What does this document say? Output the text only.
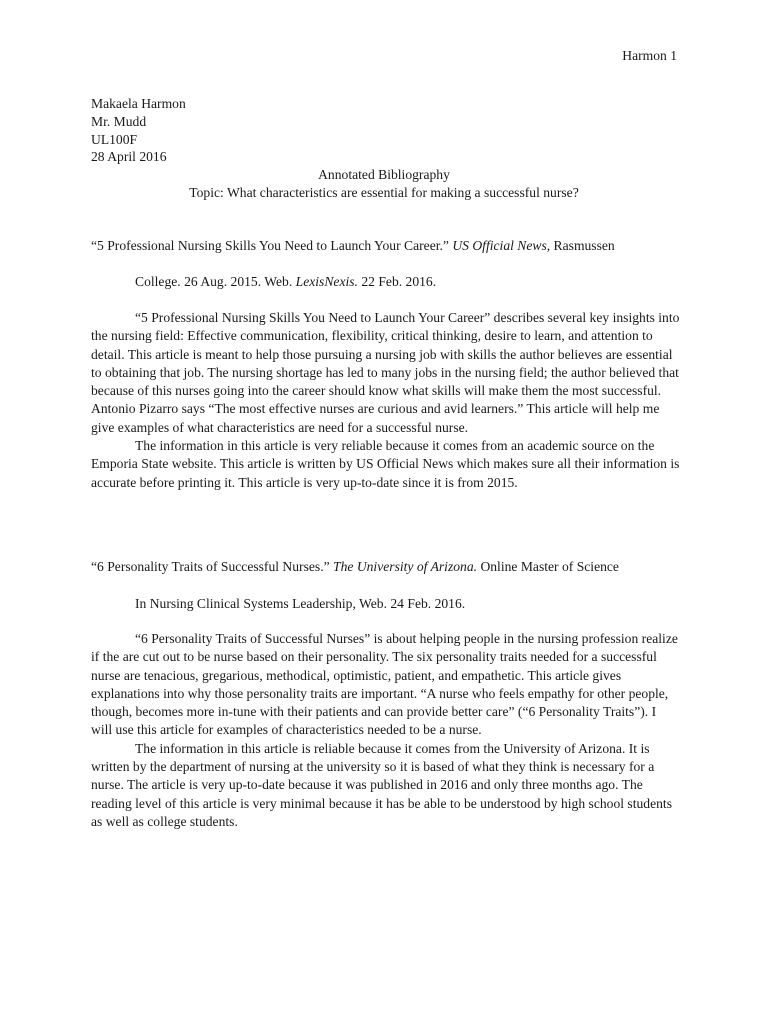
Harmon 1
Makaela Harmon
Mr. Mudd
UL100F
28 April 2016
Annotated Bibliography
Topic: What characteristics are essential for making a successful nurse?
“5 Professional Nursing Skills You Need to Launch Your Career.” US Official News, Rasmussen
College. 26 Aug. 2015. Web. LexisNexis. 22 Feb. 2016.

“5 Professional Nursing Skills You Need to Launch Your Career” describes several key insights into the nursing field: Effective communication, flexibility, critical thinking, desire to learn, and attention to detail. This article is meant to help those pursuing a nursing job with skills the author believes are essential to obtaining that job. The nursing shortage has led to many jobs in the nursing field; the author believed that because of this nurses going into the career should know what skills will make them the most successful. Antonio Pizarro says “The most effective nurses are curious and avid learners.” This article will help me give examples of what characteristics are need for a successful nurse.

The information in this article is very reliable because it comes from an academic source on the Emporia State website. This article is written by US Official News which makes sure all their information is accurate before printing it. This article is very up-to-date since it is from 2015.

“6 Personality Traits of Successful Nurses.” The University of Arizona. Online Master of Science
In Nursing Clinical Systems Leadership, Web. 24 Feb. 2016.

“6 Personality Traits of Successful Nurses” is about helping people in the nursing profession realize if the are cut out to be nurse based on their personality. The six personality traits needed for a successful nurse are tenacious, gregarious, methodical, optimistic, patient, and empathetic. This article gives explanations into why those personality traits are important. “A nurse who feels empathy for other people, though, becomes more in-tune with their patients and can provide better care” (“6 Personality Traits”). I will use this article for examples of characteristics needed to be a nurse.

The information in this article is reliable because it comes from the University of Arizona. It is written by the department of nursing at the university so it is based of what they think is necessary for a nurse. The article is very up-to-date because it was published in 2016 and only three months ago. The reading level of this article is very minimal because it has be able to be understood by high school students as well as college students.
